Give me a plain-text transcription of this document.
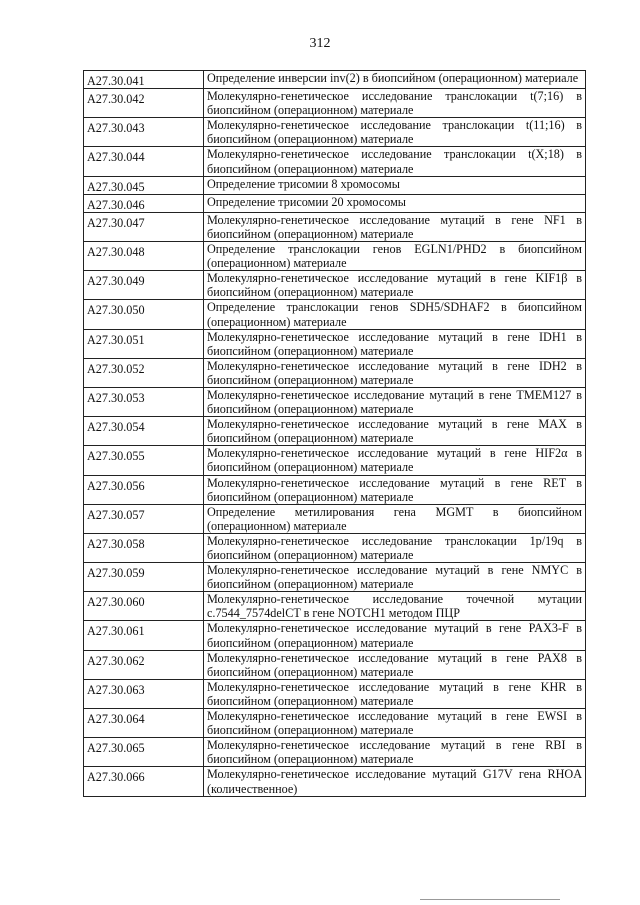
312
A27.30.041	Определение инверсии inv(2) в биопсийном (операционном) материале
A27.30.042	Молекулярно-генетическое исследование транслокации t(7;16) в биопсийном (операционном) материале
A27.30.043	Молекулярно-генетическое исследование транслокации t(11;16) в биопсийном (операционном) материале
A27.30.044	Молекулярно-генетическое исследование транслокации t(X;18) в биопсийном (операционном) материале
A27.30.045	Определение трисомии 8 хромосомы
A27.30.046	Определение трисомии 20 хромосомы
A27.30.047	Молекулярно-генетическое исследование мутаций в гене NF1 в биопсийном (операционном) материале
A27.30.048	Определение транслокации генов EGLN1/PHD2 в биопсийном (операционном) материале
A27.30.049	Молекулярно-генетическое исследование мутаций в гене KIF1β в биопсийном (операционном) материале
A27.30.050	Определение транслокации генов SDH5/SDHAF2 в биопсийном (операционном) материале
A27.30.051	Молекулярно-генетическое исследование мутаций в гене IDH1 в биопсийном (операционном) материале
A27.30.052	Молекулярно-генетическое исследование мутаций в гене IDH2 в биопсийном (операционном) материале
A27.30.053	Молекулярно-генетическое исследование мутаций в гене TMEM127 в биопсийном (операционном) материале
A27.30.054	Молекулярно-генетическое исследование мутаций в гене MAX в биопсийном (операционном) материале
A27.30.055	Молекулярно-генетическое исследование мутаций в гене HIF2α в биопсийном (операционном) материале
A27.30.056	Молекулярно-генетическое исследование мутаций в гене RET в биопсийном (операционном) материале
A27.30.057	Определение метилирования гена MGMT в биопсийном (операционном) материале
A27.30.058	Молекулярно-генетическое исследование транслокации 1p/19q в биопсийном (операционном) материале
A27.30.059	Молекулярно-генетическое исследование мутаций в гене NMYC в биопсийном (операционном) материале
A27.30.060	Молекулярно-генетическое исследование точечной мутации c.7544_7574delCT в гене NOTCH1 методом ПЦР
A27.30.061	Молекулярно-генетическое исследование мутаций в гене PAX3-F в биопсийном (операционном) материале
A27.30.062	Молекулярно-генетическое исследование мутаций в гене PAX8 в биопсийном (операционном) материале
A27.30.063	Молекулярно-генетическое исследование мутаций в гене KHR в биопсийном (операционном) материале
A27.30.064	Молекулярно-генетическое исследование мутаций в гене EWSI в биопсийном (операционном) материале
A27.30.065	Молекулярно-генетическое исследование мутаций в гене RBI в биопсийном (операционном) материале
A27.30.066	Молекулярно-генетическое исследование мутаций G17V гена RHOA (количественное)
